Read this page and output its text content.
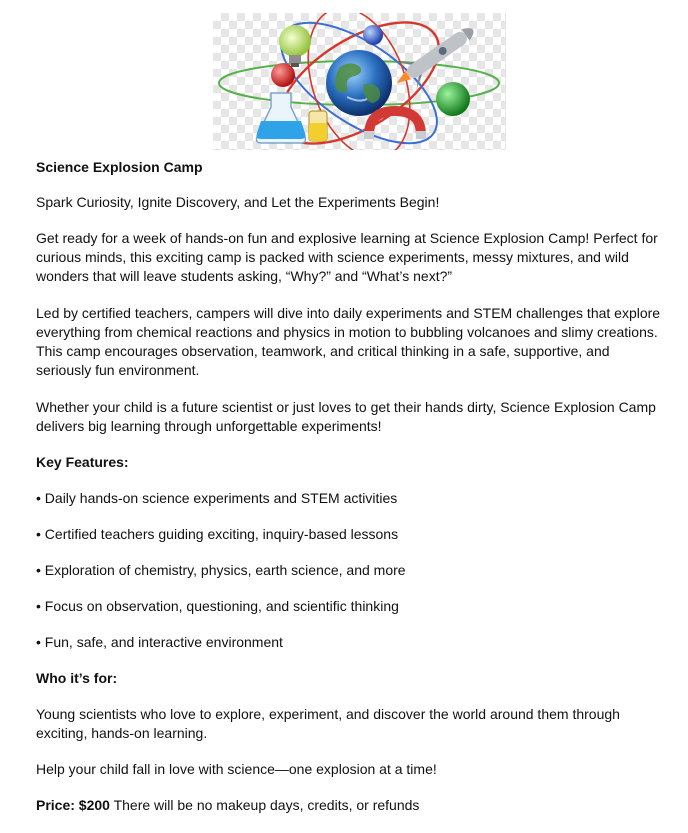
Science Explosion Camp

Spark Curiosity, Ignite Discovery, and Let the Experiments Begin!

Get ready for a week of hands-on fun and explosive learning at Science Explosion Camp! Perfect for curious minds, this exciting camp is packed with science experiments, messy mixtures, and wild wonders that will leave students asking, “Why?” and “What’s next?”

Led by certified teachers, campers will dive into daily experiments and STEM challenges that explore everything from chemical reactions and physics in motion to bubbling volcanoes and slimy creations. This camp encourages observation, teamwork, and critical thinking in a safe, supportive, and seriously fun environment.

Whether your child is a future scientist or just loves to get their hands dirty, Science Explosion Camp delivers big learning through unforgettable experiments!

Key Features:

• Daily hands-on science experiments and STEM activities

• Certified teachers guiding exciting, inquiry-based lessons

• Exploration of chemistry, physics, earth science, and more

• Focus on observation, questioning, and scientific thinking

• Fun, safe, and interactive environment

Who it’s for:

Young scientists who love to explore, experiment, and discover the world around them through exciting, hands-on learning.

Help your child fall in love with science—one explosion at a time!

Price: $200 There will be no makeup days, credits, or refunds
